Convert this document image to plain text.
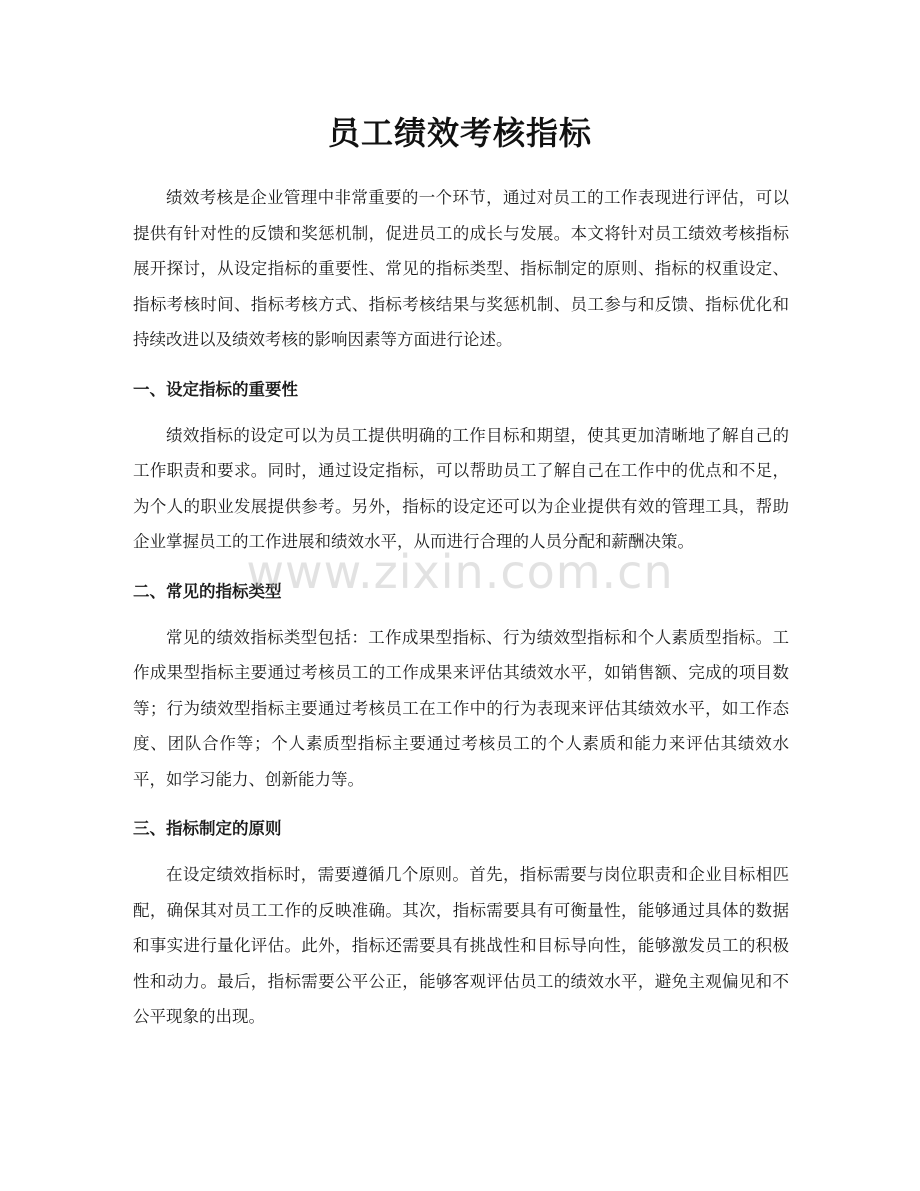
员工绩效考核指标

绩效考核是企业管理中非常重要的一个环节，通过对员工的工作表现进行评估，可以提供有针对性的反馈和奖惩机制，促进员工的成长与发展。本文将针对员工绩效考核指标展开探讨，从设定指标的重要性、常见的指标类型、指标制定的原则、指标的权重设定、指标考核时间、指标考核方式、指标考核结果与奖惩机制、员工参与和反馈、指标优化和持续改进以及绩效考核的影响因素等方面进行论述。

一、设定指标的重要性

绩效指标的设定可以为员工提供明确的工作目标和期望，使其更加清晰地了解自己的工作职责和要求。同时，通过设定指标，可以帮助员工了解自己在工作中的优点和不足，为个人的职业发展提供参考。另外，指标的设定还可以为企业提供有效的管理工具，帮助企业掌握员工的工作进展和绩效水平，从而进行合理的人员分配和薪酬决策。

二、常见的指标类型

常见的绩效指标类型包括：工作成果型指标、行为绩效型指标和个人素质型指标。工作成果型指标主要通过考核员工的工作成果来评估其绩效水平，如销售额、完成的项目数等；行为绩效型指标主要通过考核员工在工作中的行为表现来评估其绩效水平，如工作态度、团队合作等；个人素质型指标主要通过考核员工的个人素质和能力来评估其绩效水平，如学习能力、创新能力等。

三、指标制定的原则

在设定绩效指标时，需要遵循几个原则。首先，指标需要与岗位职责和企业目标相匹配，确保其对员工工作的反映准确。其次，指标需要具有可衡量性，能够通过具体的数据和事实进行量化评估。此外，指标还需要具有挑战性和目标导向性，能够激发员工的积极性和动力。最后，指标需要公平公正，能够客观评估员工的绩效水平，避免主观偏见和不公平现象的出现。

www.zixin.com.cn
